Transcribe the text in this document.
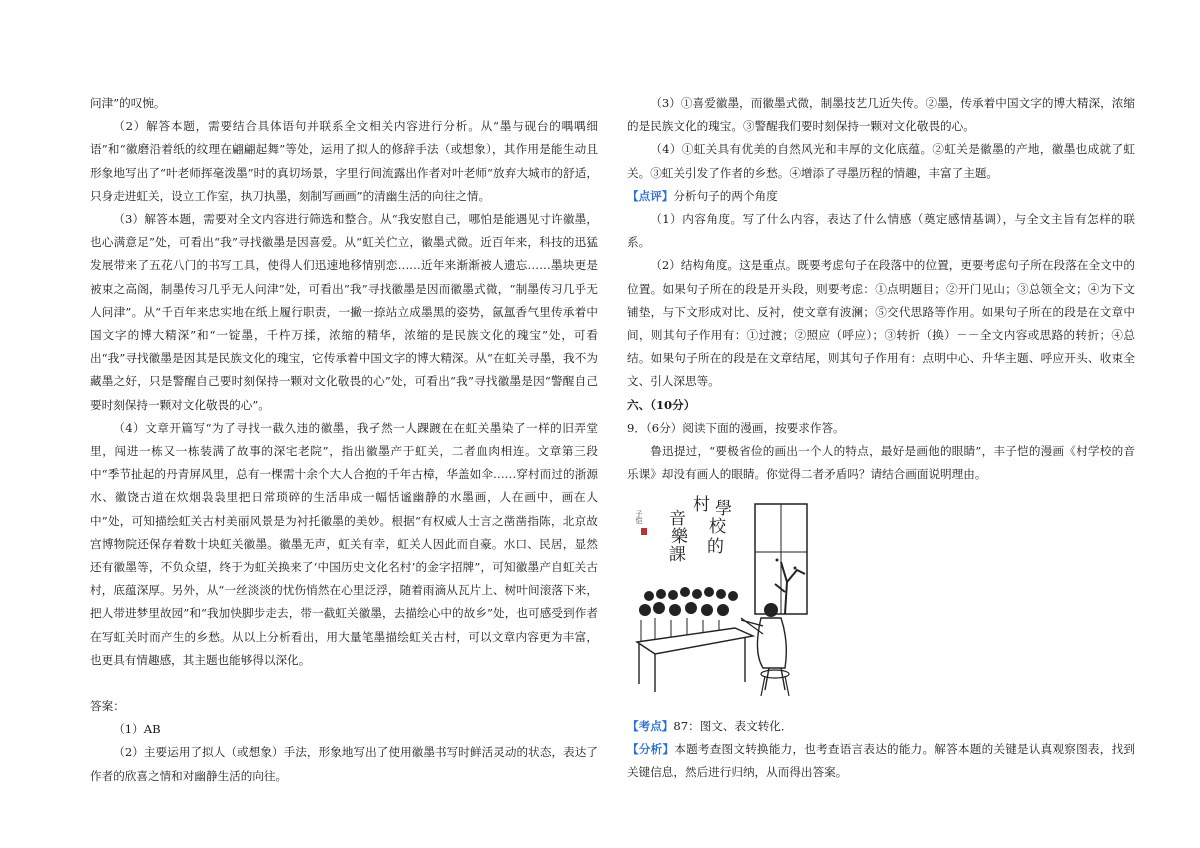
问津”的叹惋。

（2）解答本题，需要结合具体语句并联系全文相关内容进行分析。从“墨与砚台的喁喁细语”和“徽磨沿着纸的纹理在翩翩起舞”等处，运用了拟人的修辞手法（或想象），其作用是能生动且形象地写出了“叶老师挥毫泼墨”时的真切场景，字里行间流露出作者对叶老师“放弃大城市的舒适，只身走进虹关，设立工作室，执刀执墨，刻制写画画”的清幽生活的向往之情。

（3）解答本题，需要对全文内容进行筛选和整合。从“我安慰自己，哪怕是能遇见寸许徽墨，也心满意足”处，可看出“我”寻找徽墨是因喜爱。从“虹关伫立，徽墨式微。近百年来，科技的迅猛发展带来了五花八门的书写工具，使得人们迅速地移情别恋……近年来渐渐被人遗忘……墨块更是被束之高阁，制墨传习几乎无人问津”处，可看出“我”寻找徽墨是因而徽墨式微，“制墨传习几乎无人问津”。从“千百年来忠实地在纸上履行职责，一撇一捺站立成墨黑的姿势，氤氲香气里传承着中国文字的博大精深”和“一锭墨，千杵万揉，浓缩的精华，浓缩的是民族文化的瑰宝”处，可看出“我”寻找徽墨是因其是民族文化的瑰宝，它传承着中国文字的博大精深。从“在虹关寻墨，我不为藏墨之好，只是警醒自己要时刻保持一颗对文化敬畏的心”处，可看出“我”寻找徽墨是因“警醒自己要时刻保持一颗对文化敬畏的心”。

（4）文章开篇写“为了寻找一截久违的徽墨，我孑然一人踝踱在在虹关墨染了一样的旧弄堂里，闯进一栋又一栋装满了故事的深宅老院”，指出徽墨产于虹关，二者血肉相连。文章第三段中“季节扯起的丹青屏风里，总有一棵需十余个大人合抱的千年古樟，华盖如伞……穿村而过的浙源水、徽饶古道在炊烟袅袅里把日常琐碎的生活串成一幅恬谧幽静的水墨画，人在画中，画在人中”处，可知描绘虹关古村美丽风景是为衬托徽墨的美妙。根据“有权威人士言之凿凿指陈，北京故宫博物院还保存着数十块虹关徽墨。徽墨无声，虹关有幸，虹关人因此而自豪。水口、民居，显然还有徽墨等，不负众望，终于为虹关换来了‘中国历史文化名村’的金字招牌”，可知徽墨产自虹关古村，底蕴深厚。另外，从“一丝淡淡的忧伤悄然在心里泛浮，随着雨滴从瓦片上、树叶间滚落下来，把人带进梦里故园”和“我加快脚步走去，带一截虹关徽墨，去描绘心中的故乡”处，也可感受到作者在写虹关时而产生的乡愁。从以上分析看出，用大量笔墨描绘虹关古村，可以文章内容更为丰富，也更具有情趣感，其主题也能够得以深化。

答案：

（1）AB

（2）主要运用了拟人（或想象）手法，形象地写出了使用徽墨书写时鲜活灵动的状态，表达了作者的欣喜之情和对幽静生活的向往。

（3）①喜爱徽墨，而徽墨式微，制墨技艺几近失传。②墨，传承着中国文字的博大精深，浓缩的是民族文化的瑰宝。③警醒我们要时刻保持一颗对文化敬畏的心。

（4）①虹关具有优美的自然风光和丰厚的文化底蕴。②虹关是徽墨的产地，徽墨也成就了虹关。③虹关引发了作者的乡愁。④增添了寻墨历程的情趣，丰富了主题。

【点评】分析句子的两个角度

（1）内容角度。写了什么内容，表达了什么情感（奠定感情基调），与全文主旨有怎样的联系。

（2）结构角度。这是重点。既要考虑句子在段落中的位置，更要考虑句子所在段落在全文中的位置。如果句子所在的段是开头段，则要考虑：①点明题目；②开门见山；③总领全文；④为下文铺垫，与下文形成对比、反衬，使文章有波澜；⑤交代思路等作用。如果句子所在的段是在文章中间，则其句子作用有：①过渡；②照应（呼应）；③转折（换）－－全文内容或思路的转折；④总结。如果句子所在的段是在文章结尾，则其句子作用有：点明中心、升华主题、呼应开头、收束全文、引人深思等。

六、（10分）

9．（6分）阅读下面的漫画，按要求作答。

鲁迅提过，“要极省俭的画出一个人的特点，最好是画他的眼睛”，丰子恺的漫画《村学校的音乐课》却没有画人的眼睛。你觉得二者矛盾吗？请结合画面说明理由。

村 學
音 校
樂
課 的
子恺

【考点】87：图文、表文转化．

【分析】本题考查图文转换能力，也考查语言表达的能力。解答本题的关键是认真观察图表，找到关键信息，然后进行归纳，从而得出答案。
